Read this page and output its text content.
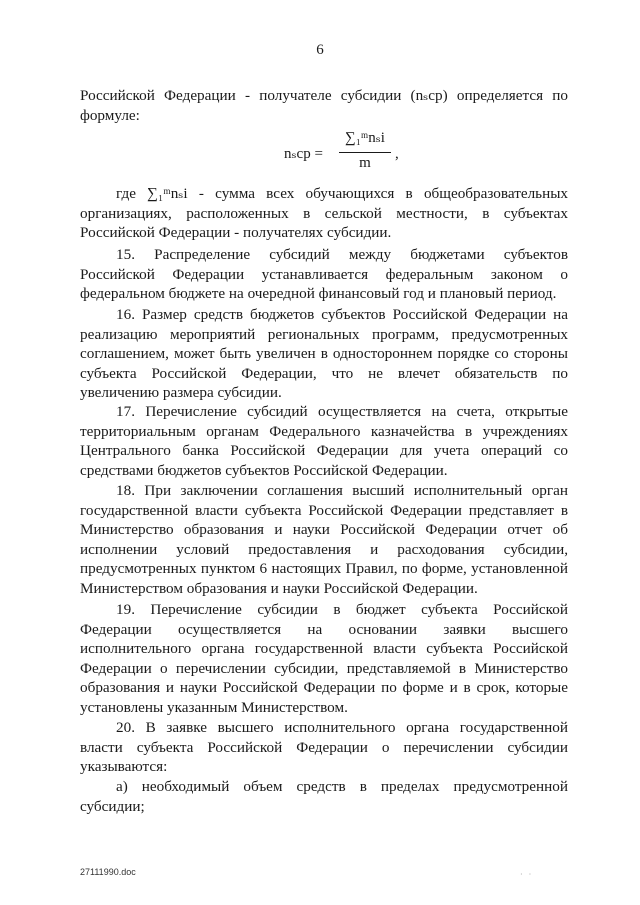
6

Российской Федерации - получателе субсидии (nₛcp) определяется по формуле:

nₛcp =
∑₁ᵐnₛi
m
,

где ∑₁ᵐnₛi - сумма всех обучающихся в общеобразовательных организациях, расположенных в сельской местности, в субъектах Российской Федерации - получателях субсидии.

15. Распределение субсидий между бюджетами субъектов Российской Федерации устанавливается федеральным законом о федеральном бюджете на очередной финансовый год и плановый период.

16. Размер средств бюджетов субъектов Российской Федерации на реализацию мероприятий региональных программ, предусмотренных соглашением, может быть увеличен в одностороннем порядке со стороны субъекта Российской Федерации, что не влечет обязательств по увеличению размера субсидии.

17. Перечисление субсидий осуществляется на счета, открытые территориальным органам Федерального казначейства в учреждениях Центрального банка Российской Федерации для учета операций со средствами бюджетов субъектов Российской Федерации.

18. При заключении соглашения высший исполнительный орган государственной власти субъекта Российской Федерации представляет в Министерство образования и науки Российской Федерации отчет об исполнении условий предоставления и расходования субсидии, предусмотренных пунктом 6 настоящих Правил, по форме, установленной Министерством образования и науки Российской Федерации.

19. Перечисление субсидии в бюджет субъекта Российской Федерации осуществляется на основании заявки высшего исполнительного органа государственной власти субъекта Российской Федерации о перечислении субсидии, представляемой в Министерство образования и науки Российской Федерации по форме и в срок, которые установлены указанным Министерством.

20. В заявке высшего исполнительного органа государственной власти субъекта Российской Федерации о перечислении субсидии указываются:

а) необходимый объем средств в пределах предусмотренной субсидии;

27111990.doc	· ·
